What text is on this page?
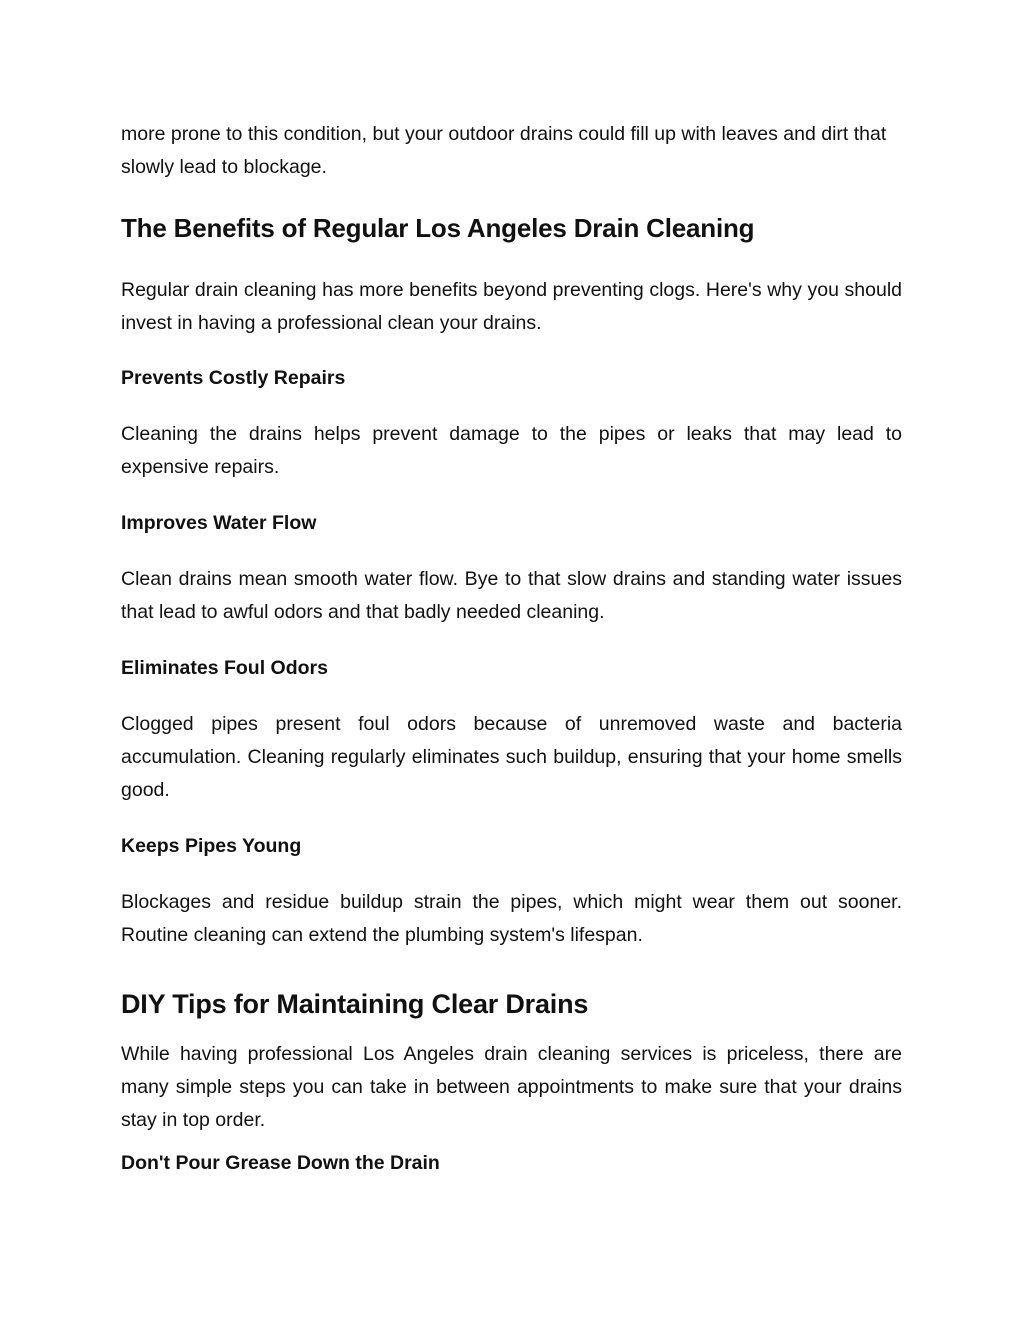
more prone to this condition, but your outdoor drains could fill up with leaves and dirt that slowly lead to blockage.

The Benefits of Regular Los Angeles Drain Cleaning

Regular drain cleaning has more benefits beyond preventing clogs. Here's why you should invest in having a professional clean your drains.

Prevents Costly Repairs

Cleaning the drains helps prevent damage to the pipes or leaks that may lead to expensive repairs.

Improves Water Flow

Clean drains mean smooth water flow. Bye to that slow drains and standing water issues that lead to awful odors and that badly needed cleaning.

Eliminates Foul Odors

Clogged pipes present foul odors because of unremoved waste and bacteria accumulation. Cleaning regularly eliminates such buildup, ensuring that your home smells good.

Keeps Pipes Young

Blockages and residue buildup strain the pipes, which might wear them out sooner. Routine cleaning can extend the plumbing system's lifespan.

DIY Tips for Maintaining Clear Drains

While having professional Los Angeles drain cleaning services is priceless, there are many simple steps you can take in between appointments to make sure that your drains stay in top order.

Don't Pour Grease Down the Drain
